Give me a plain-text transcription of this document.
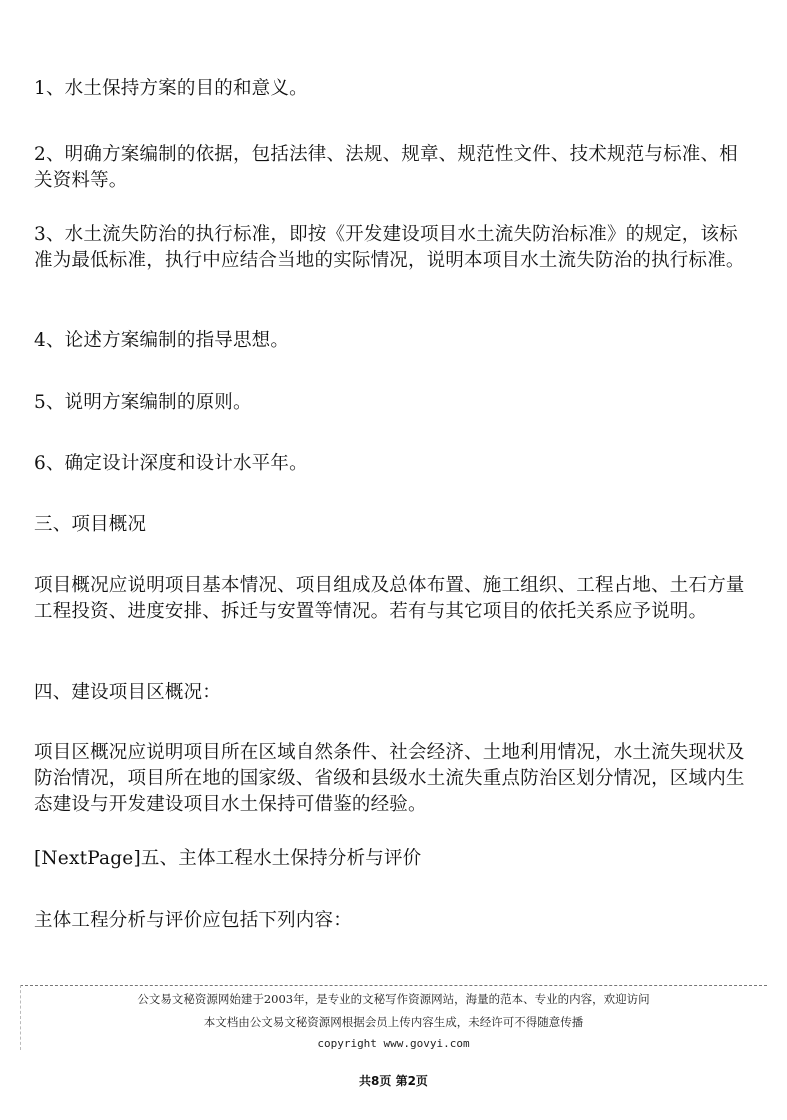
1、水土保持方案的目的和意义。

2、明确方案编制的依据，包括法律、法规、规章、规范性文件、技术规范与标准、相关资料等。

3、水土流失防治的执行标准，即按《开发建设项目水土流失防治标准》的规定，该标准为最低标准，执行中应结合当地的实际情况，说明本项目水土流失防治的执行标准。

4、论述方案编制的指导思想。

5、说明方案编制的原则。

6、确定设计深度和设计水平年。

三、项目概况

项目概况应说明项目基本情况、项目组成及总体布置、施工组织、工程占地、土石方量工程投资、进度安排、拆迁与安置等情况。若有与其它项目的依托关系应予说明。

四、建设项目区概况：

项目区概况应说明项目所在区域自然条件、社会经济、土地利用情况，水土流失现状及防治情况，项目所在地的国家级、省级和县级水土流失重点防治区划分情况，区域内生态建设与开发建设项目水土保持可借鉴的经验。

[NextPage]五、主体工程水土保持分析与评价

主体工程分析与评价应包括下列内容：

公文易文秘资源网始建于2003年，是专业的文秘写作资源网站，海量的范本、专业的内容，欢迎访问
本文档由公文易文秘资源网根据会员上传内容生成，未经许可不得随意传播
copyright www.govyi.com
共8页 第2页
